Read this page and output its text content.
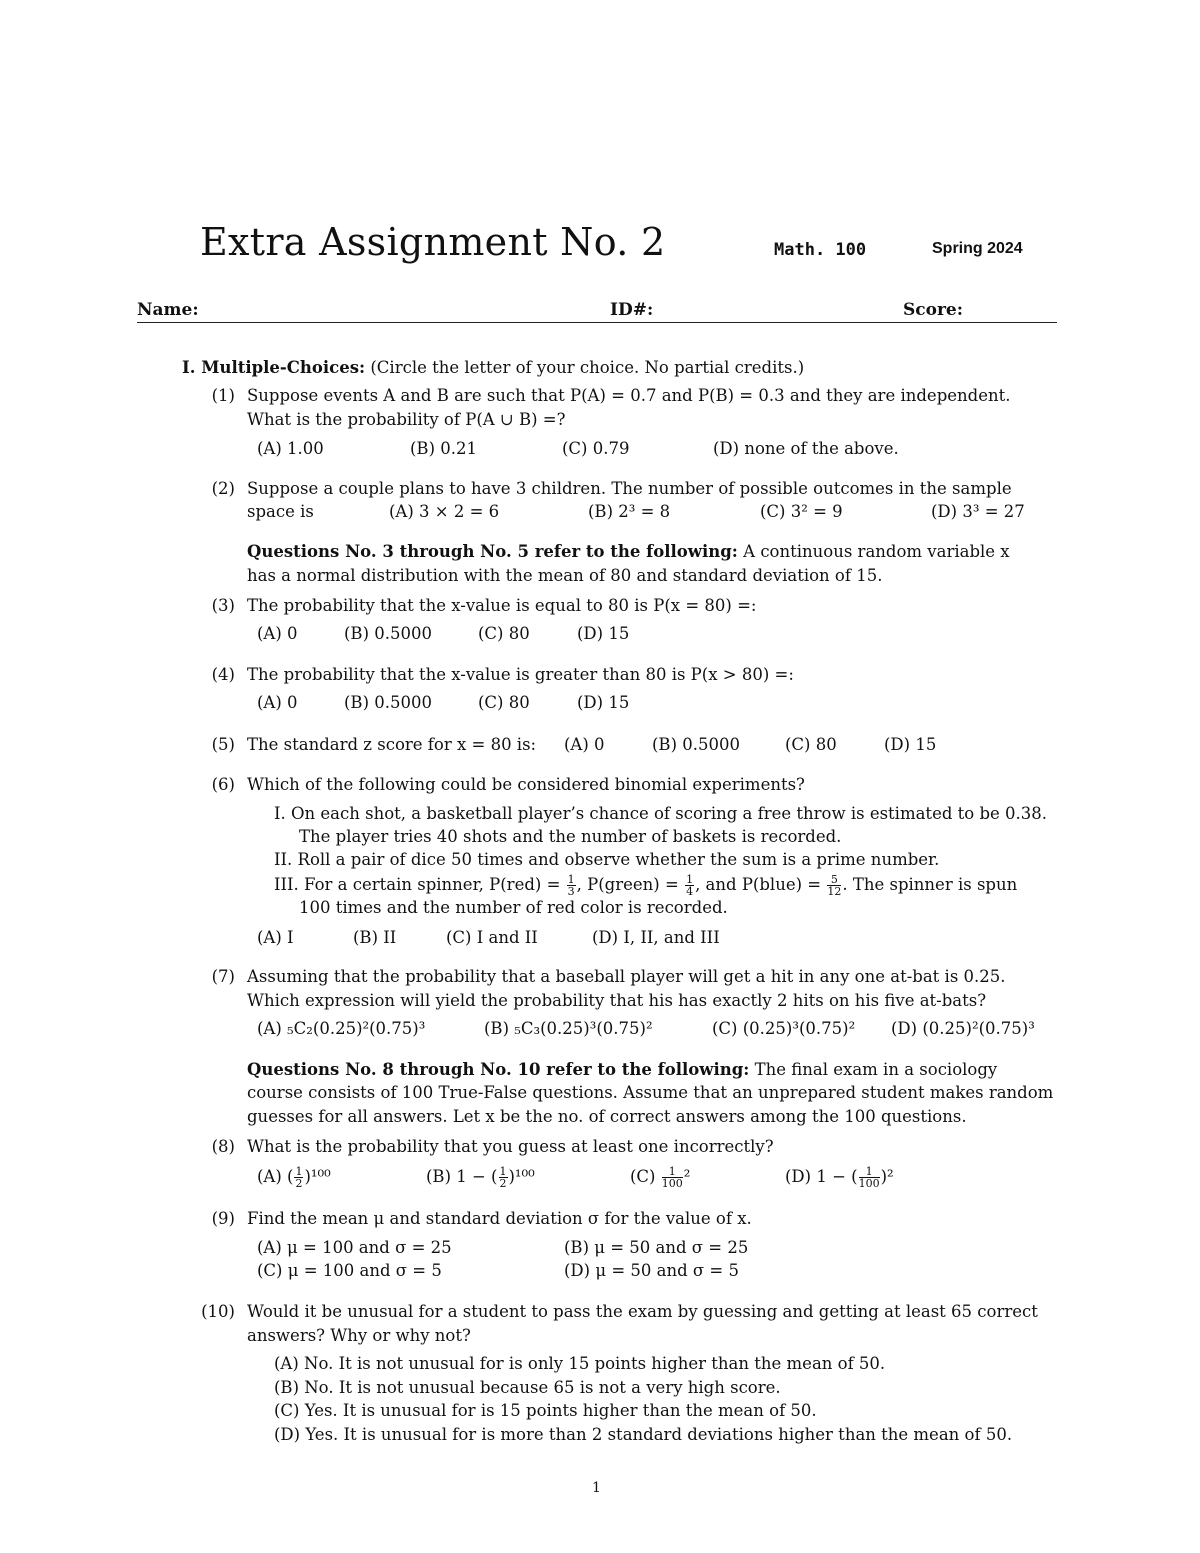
Extra Assignment No. 2	Math. 100	Spring 2024
Name:	ID#:	Score:
I. Multiple-Choices: (Circle the letter of your choice. No partial credits.)
(1) Suppose events A and B are such that P(A) = 0.7 and P(B) = 0.3 and they are independent.
What is the probability of P(A ∪ B) =?
(A) 1.00	(B) 0.21	(C) 0.79	(D) none of the above.
(2) Suppose a couple plans to have 3 children. The number of possible outcomes in the sample
space is	(A) 3 × 2 = 6	(B) 2³ = 8	(C) 3² = 9	(D) 3³ = 27
Questions No. 3 through No. 5 refer to the following: A continuous random variable x
has a normal distribution with the mean of 80 and standard deviation of 15.
(3) The probability that the x-value is equal to 80 is P(x = 80) =:
(A) 0	(B) 0.5000	(C) 80	(D) 15
(4) The probability that the x-value is greater than 80 is P(x > 80) =:
(A) 0	(B) 0.5000	(C) 80	(D) 15
(5) The standard z score for x = 80 is: (A) 0	(B) 0.5000	(C) 80	(D) 15
(6) Which of the following could be considered binomial experiments?
I. On each shot, a basketball player’s chance of scoring a free throw is estimated to be 0.38.
The player tries 40 shots and the number of baskets is recorded.
II. Roll a pair of dice 50 times and observe whether the sum is a prime number.
III. For a certain spinner, $P(red) = \frac{1}{3}$ , P(green) = $\frac{1}{4}$ , and P(blue) = $\frac{5}{12}$ . The spinner is spun
100 times and the number of red color is recorded.
(A) I	(B) II	(C) I and II	(D) I, II, and III
(7) Assuming that the probability that a baseball player will get a hit in any one at-bat is 0.25.
Which expression will yield the probability that his has exactly 2 hits on his five at-bats?
(A) ₅C₂(0.25)²(0.75)³	(B) ₅C₃(0.25)³(0.75)²	(C) (0.25)³(0.75)² (D) (0.25)²(0.75)³
Questions No. 8 through No. 10 refer to the following: The final exam in a sociology
course consists of 100 True-False questions. Assume that an unprepared student makes random
guesses for all answers. Let x be the no. of correct answers among the 100 questions.
(8) What is the probability that you guess at least one incorrectly?
(A) ( $\frac{1}{2} )^{100}$	(B) 1 − ( $\frac{1}{2} )^{100}$	$(C) \frac{1}{100} ^2$	(D) 1 − ( $\frac{1}{100} )^2$
(9) Find the mean μ and standard deviation σ for the value of x.
(A) μ = 100 and σ = 25	(B) μ = 50 and σ = 25
(C) μ = 100 and σ = 5	(D) μ = 50 and σ = 5
(10) Would it be unusual for a student to pass the exam by guessing and getting at least 65 correct
answers? Why or why not?
(A) No. It is not unusual for is only 15 points higher than the mean of 50.
(B) No. It is not unusual because 65 is not a very high score.
(C) Yes. It is unusual for is 15 points higher than the mean of 50.
(D) Yes. It is unusual for is more than 2 standard deviations higher than the mean of 50.
1
